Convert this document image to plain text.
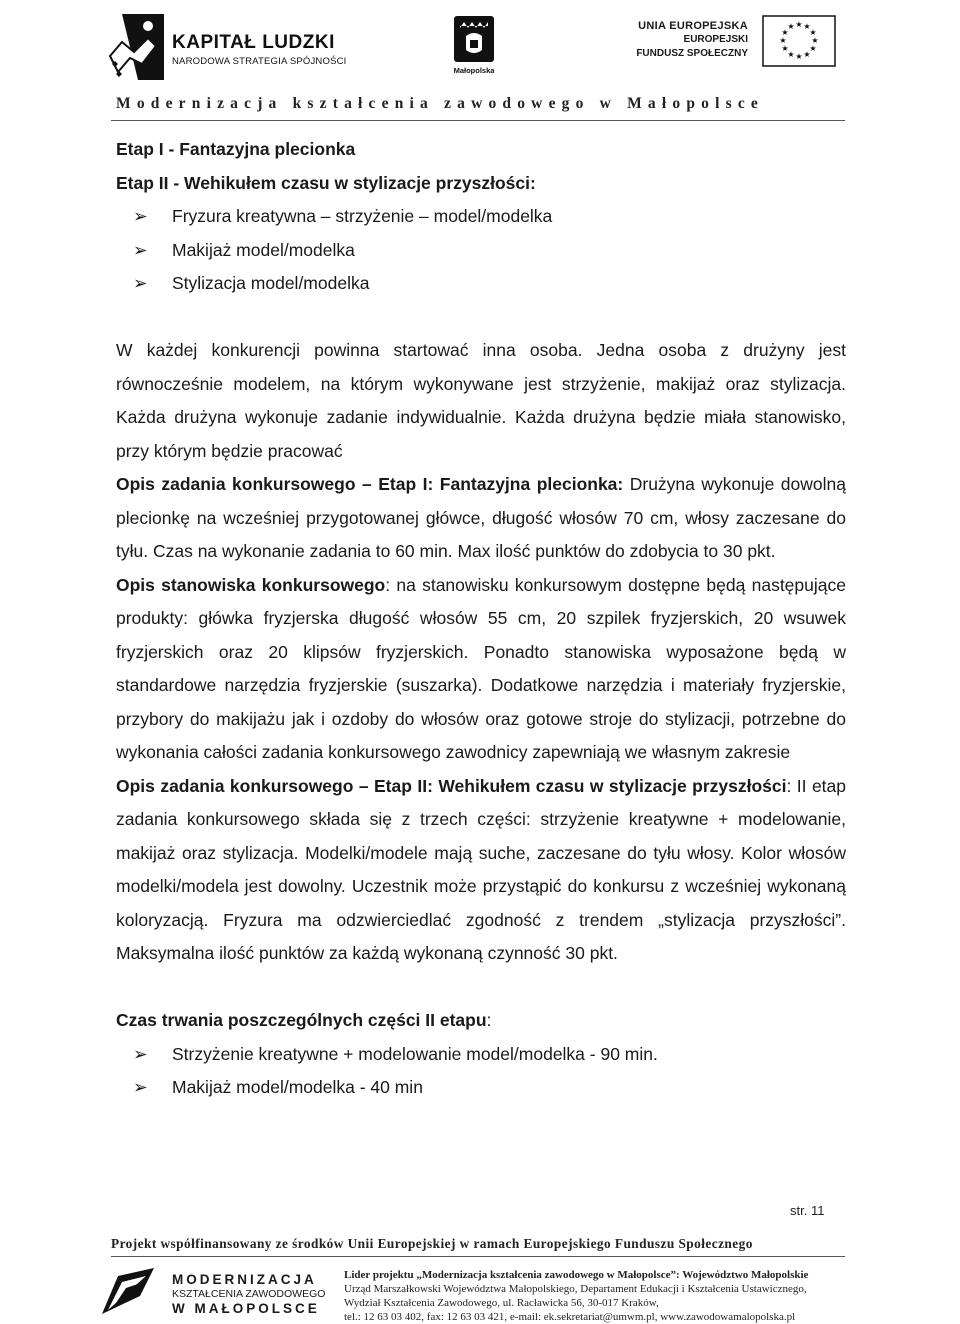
KAPITAŁ LUDZKI
NARODOWA STRATEGIA SPÓJNOŚCI
Małopolska
UNIA EUROPEJSKA
EUROPEJSKI
FUNDUSZ SPOŁECZNY
★ ★
★
★
★
★
★
★
★
★
★
★
Modernizacja kształcenia zawodowego w Małopolsce
Etap I - Fantazyjna plecionka
Etap II - Wehikułem czasu w stylizacje przyszłości:
➢ Fryzura kreatywna – strzyżenie – model/modelka
➢ Makijaż model/modelka
➢ Stylizacja model/modelka
W każdej konkurencji powinna startować inna osoba. Jedna osoba z drużyny jest równocześnie modelem, na którym wykonywane jest strzyżenie, makijaż oraz stylizacja. Każda drużyna wykonuje zadanie indywidualnie. Każda drużyna będzie miała stanowisko, przy którym będzie pracować
Opis zadania konkursowego – Etap I: Fantazyjna plecionka: Drużyna wykonuje dowolną plecionkę na wcześniej przygotowanej główce, długość włosów 70 cm, włosy zaczesane do tyłu. Czas na wykonanie zadania to 60 min. Max ilość punktów do zdobycia to 30 pkt.
Opis stanowiska konkursowego: na stanowisku konkursowym dostępne będą następujące produkty: główka fryzjerska długość włosów 55 cm, 20 szpilek fryzjerskich, 20 wsuwek fryzjerskich oraz 20 klipsów fryzjerskich. Ponadto stanowiska wyposażone będą w standardowe narzędzia fryzjerskie (suszarka). Dodatkowe narzędzia i materiały fryzjerskie, przybory do makijażu jak i ozdoby do włosów oraz gotowe stroje do stylizacji, potrzebne do wykonania całości zadania konkursowego zawodnicy zapewniają we własnym zakresie
Opis zadania konkursowego – Etap II: Wehikułem czasu w stylizacje przyszłości: II etap zadania konkursowego składa się z trzech części: strzyżenie kreatywne + modelowanie, makijaż oraz stylizacja. Modelki/modele mają suche, zaczesane do tyłu włosy. Kolor włosów modelki/modela jest dowolny. Uczestnik może przystąpić do konkursu z wcześniej wykonaną koloryzacją. Fryzura ma odzwierciedlać zgodność z trendem „stylizacja przyszłości”. Maksymalna ilość punktów za każdą wykonaną czynność 30 pkt.
Czas trwania poszczególnych części II etapu:
➢ Strzyżenie kreatywne + modelowanie model/modelka - 90 min.
➢ Makijaż model/modelka - 40 min
str. 11
Projekt współfinansowany ze środków Unii Europejskiej w ramach Europejskiego Funduszu Społecznego
MODERNIZACJA
KSZTAŁCENIA ZAWODOWEGO
W MAŁOPOLSCE
Lider projektu „Modernizacja kształcenia zawodowego w Małopolsce”: Województwo Małopolskie
Urząd Marszałkowski Województwa Małopolskiego, Departament Edukacji i Kształcenia Ustawicznego,
Wydział Kształcenia Zawodowego, ul. Racławicka 56, 30-017 Kraków,
tel.: 12 63 03 402, fax: 12 63 03 421, e-mail: ek.sekretariat@umwm.pl, www.zawodowamalopolska.pl
